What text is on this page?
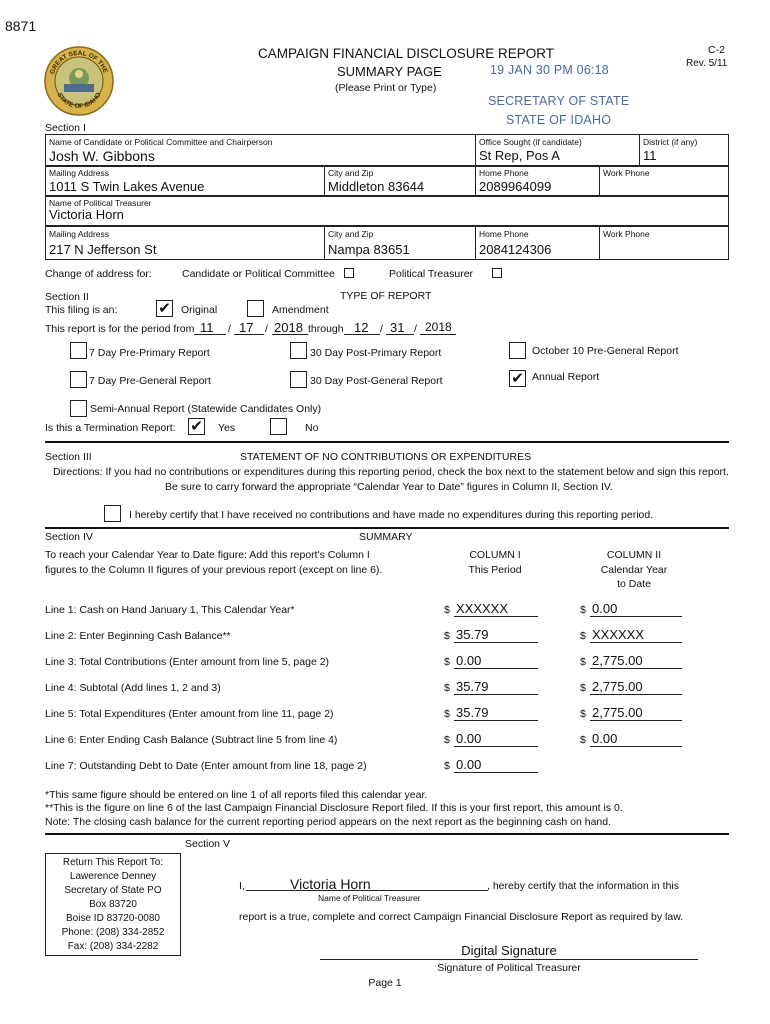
8871
C-2
Rev. 5/11
GREAT SEAL OF THE
STATE OF IDAHO
CAMPAIGN FINANCIAL DISCLOSURE REPORT
SUMMARY PAGE
(Please Print or Type)
19 JAN 30 PM 06:18
SECRETARY OF STATE
STATE OF IDAHO
Section I
Name of Candidate or Political Committee and Chairperson
Josh W. Gibbons
Office Sought (if candidate)
St Rep, Pos A
District (if any)
11
Mailing Address
1011 S Twin Lakes Avenue
City and Zip
Middleton 83644
Home Phone
2089964099
Work Phone
Name of Political Treasurer
Victoria Horn
Mailing Address
217 N Jefferson St
City and Zip
Nampa 83651
Home Phone
2084124306
Work Phone
Change of address for:	Candidate or Political Committee	Political Treasurer
Section II	TYPE OF REPORT
This filing is an:	✔ Original	Amendment
This report is for the period from 11 / 17 / 2018 through 12 / 31 / 2018
7 Day Pre-Primary Report	30 Day Post-Primary Report	October 10 Pre-General Report
7 Day Pre-General Report	30 Day Post-General Report	✔ Annual Report
Semi-Annual Report (Statewide Candidates Only)
Is this a Termination Report: ✔ Yes	No
Section III	STATEMENT OF NO CONTRIBUTIONS OR EXPENDITURES
Directions: If you had no contributions or expenditures during this reporting period, check the box next to the statement below and sign this report.
Be sure to carry forward the appropriate “Calendar Year to Date” figures in Column II, Section IV.
I hereby certify that I have received no contributions and have made no expenditures during this reporting period.
Section IV	SUMMARY
To reach your Calendar Year to Date figure: Add this report's Column I
figures to the Column II figures of your previous report (except on line 6).
COLUMN I
This Period
COLUMN II
Calendar Year
to Date
Line 1: Cash on Hand January 1, This Calendar Year*	$ XXXXXX	$ 0.00
Line 2: Enter Beginning Cash Balance**	$ 35.79	$ XXXXXX
Line 3: Total Contributions (Enter amount from line 5, page 2)	$ 0.00	$ 2,775.00
Line 4: Subtotal (Add lines 1, 2 and 3)	$ 35.79	$ 2,775.00
Line 5: Total Expenditures (Enter amount from line 11, page 2)	$ 35.79	$ 2,775.00
Line 6: Enter Ending Cash Balance (Subtract line 5 from line 4)	$ 0.00	$ 0.00
Line 7: Outstanding Debt to Date (Enter amount from line 18, page 2)	$ 0.00
*This same figure should be entered on line 1 of all reports filed this calendar year.
**This is the figure on line 6 of the last Campaign Financial Disclosure Report filed. If this is your first report, this amount is 0.
Note: The closing cash balance for the current reporting period appears on the next report as the beginning cash on hand.
Section V
Return This Report To:
Lawerence Denney
Secretary of State PO
Box 83720
Boise ID 83720-0080
Phone: (208) 334-2852
Fax: (208) 334-2282
I,	Victoria Horn	, hereby certify that the information in this
Name of Political Treasurer
report is a true, complete and correct Campaign Financial Disclosure Report as required by law.
Digital Signature
Signature of Political Treasurer
Page 1
